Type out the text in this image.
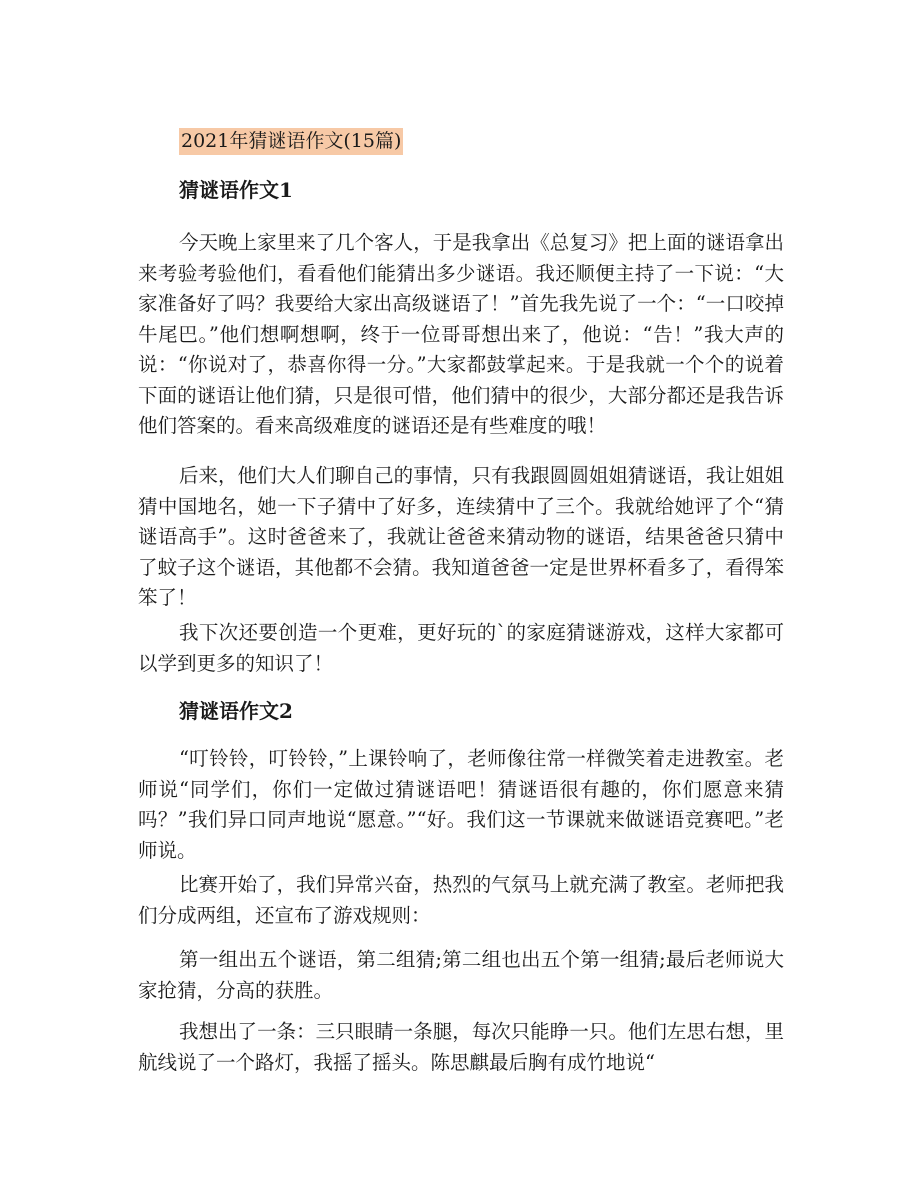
2021年猜谜语作文(15篇)
猜谜语作文1

今天晚上家里来了几个客人，于是我拿出《总复习》把上面的谜语拿出来考验考验他们，看看他们能猜出多少谜语。我还顺便主持了一下说：“大家准备好了吗？我要给大家出高级谜语了！”首先我先说了一个：“一口咬掉牛尾巴。”他们想啊想啊，终于一位哥哥想出来了，他说：“告！”我大声的说：“你说对了，恭喜你得一分。”大家都鼓掌起来。于是我就一个个的说着下面的谜语让他们猜，只是很可惜，他们猜中的很少，大部分都还是我告诉他们答案的。看来高级难度的谜语还是有些难度的哦！

后来，他们大人们聊自己的事情，只有我跟圆圆姐姐猜谜语，我让姐姐猜中国地名，她一下子猜中了好多，连续猜中了三个。我就给她评了个“猜谜语高手”。这时爸爸来了，我就让爸爸来猜动物的谜语，结果爸爸只猜中了蚊子这个谜语，其他都不会猜。我知道爸爸一定是世界杯看多了，看得笨笨了！

我下次还要创造一个更难，更好玩的`的家庭猜谜游戏，这样大家都可以学到更多的知识了！

猜谜语作文2

“叮铃铃，叮铃铃，”上课铃响了，老师像往常一样微笑着走进教室。老师说“同学们，你们一定做过猜谜语吧！猜谜语很有趣的，你们愿意来猜吗？”我们异口同声地说“愿意。”“好。我们这一节课就来做谜语竞赛吧。”老师说。

比赛开始了，我们异常兴奋，热烈的气氛马上就充满了教室。老师把我们分成两组，还宣布了游戏规则：

第一组出五个谜语，第二组猜;第二组也出五个第一组猜;最后老师说大家抢猜，分高的获胜。

我想出了一条：三只眼睛一条腿，每次只能睁一只。他们左思右想，里航线说了一个路灯，我摇了摇头。陈思麒最后胸有成竹地说“
